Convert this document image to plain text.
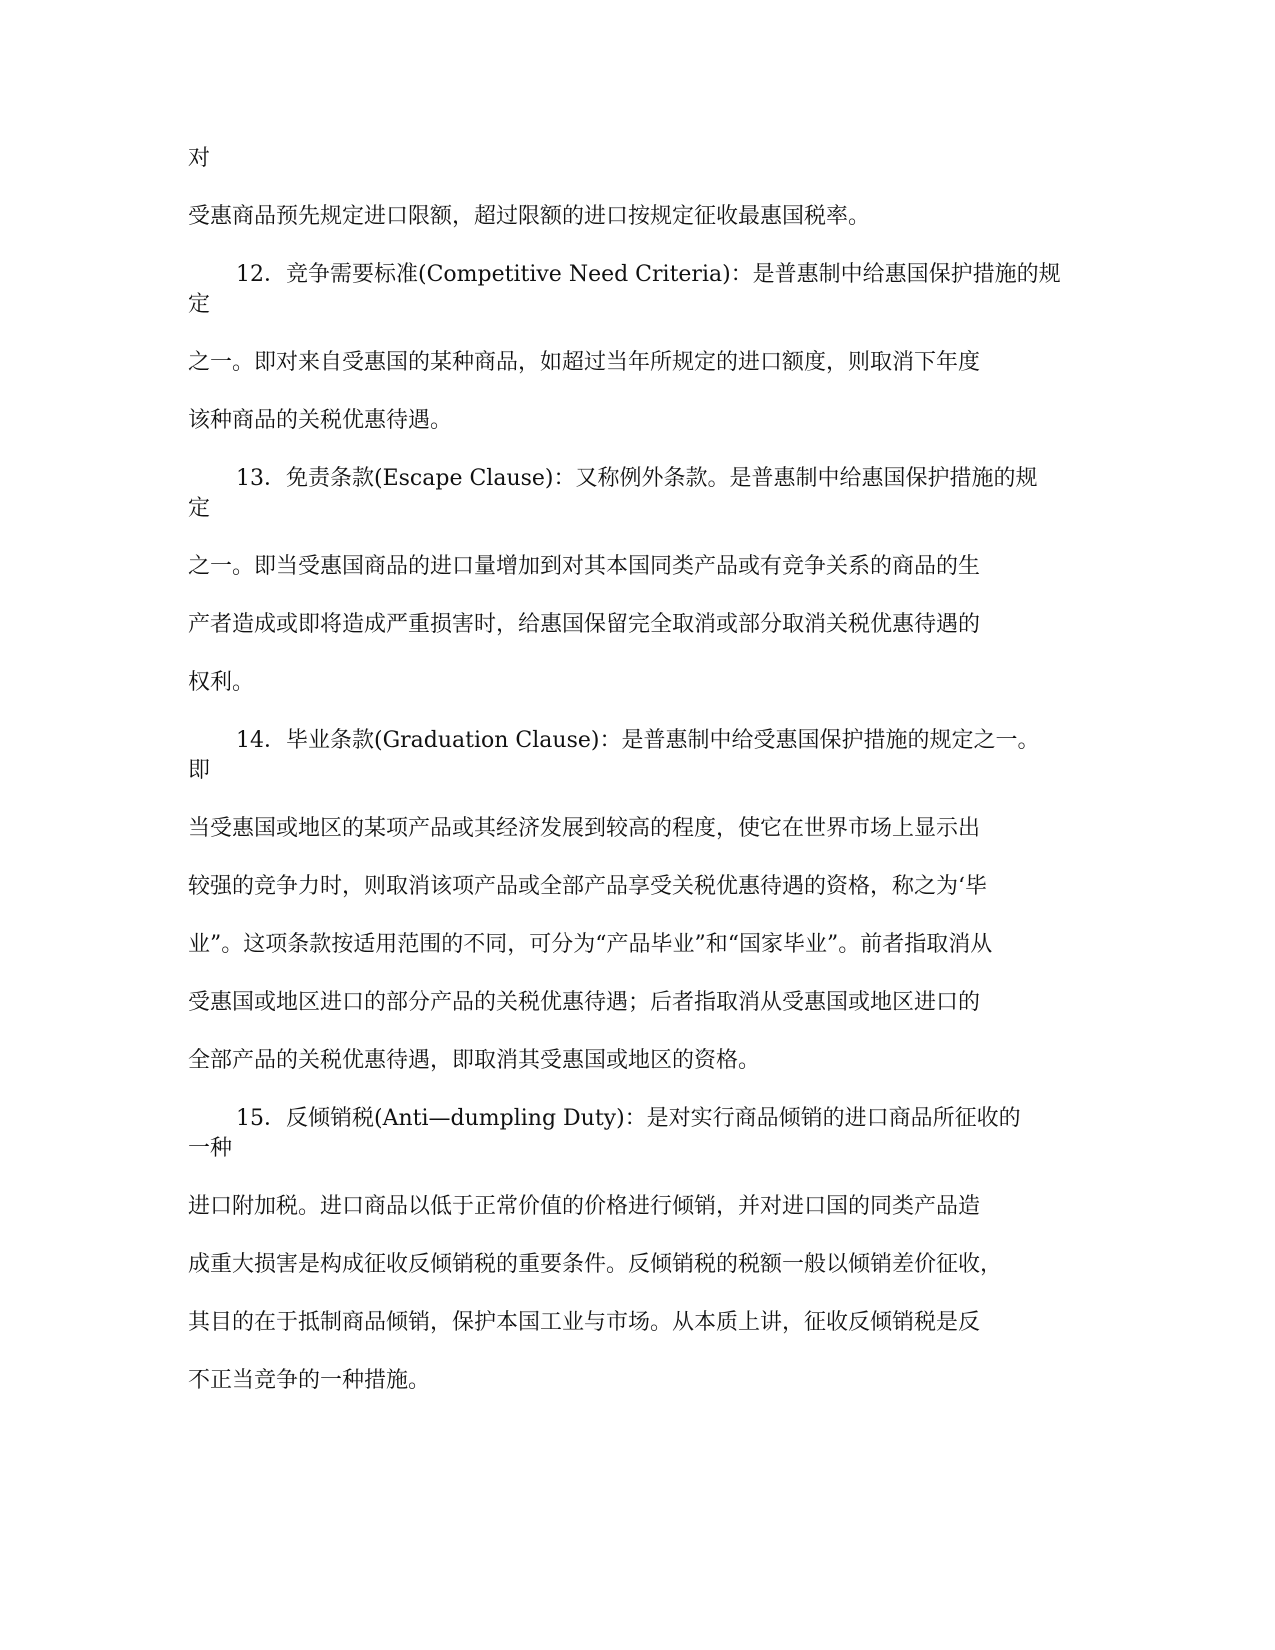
对
受惠商品预先规定进口限额，超过限额的进口按规定征收最惠国税率。
12．竞争需要标准(Competitive Need Criteria)：是普惠制中给惠国保护措施的规
定
之一。即对来自受惠国的某种商品，如超过当年所规定的进口额度，则取消下年度
该种商品的关税优惠待遇。
13．免责条款(Escape Clause)：又称例外条款。是普惠制中给惠国保护措施的规
定
之一。即当受惠国商品的进口量增加到对其本国同类产品或有竞争关系的商品的生
产者造成或即将造成严重损害时，给惠国保留完全取消或部分取消关税优惠待遇的
权利。
14．毕业条款(Graduation Clause)：是普惠制中给受惠国保护措施的规定之一。
即
当受惠国或地区的某项产品或其经济发展到较高的程度，使它在世界市场上显示出
较强的竞争力时，则取消该项产品或全部产品享受关税优惠待遇的资格，称之为‘毕
业”。这项条款按适用范围的不同，可分为“产品毕业”和“国家毕业”。前者指取消从
受惠国或地区进口的部分产品的关税优惠待遇；后者指取消从受惠国或地区进口的
全部产品的关税优惠待遇，即取消其受惠国或地区的资格。
15．反倾销税(Anti—dumpling Duty)：是对实行商品倾销的进口商品所征收的
一种
进口附加税。进口商品以低于正常价值的价格进行倾销，并对进口国的同类产品造
成重大损害是构成征收反倾销税的重要条件。反倾销税的税额一般以倾销差价征收，
其目的在于抵制商品倾销，保护本国工业与市场。从本质上讲，征收反倾销税是反
不正当竞争的一种措施。
